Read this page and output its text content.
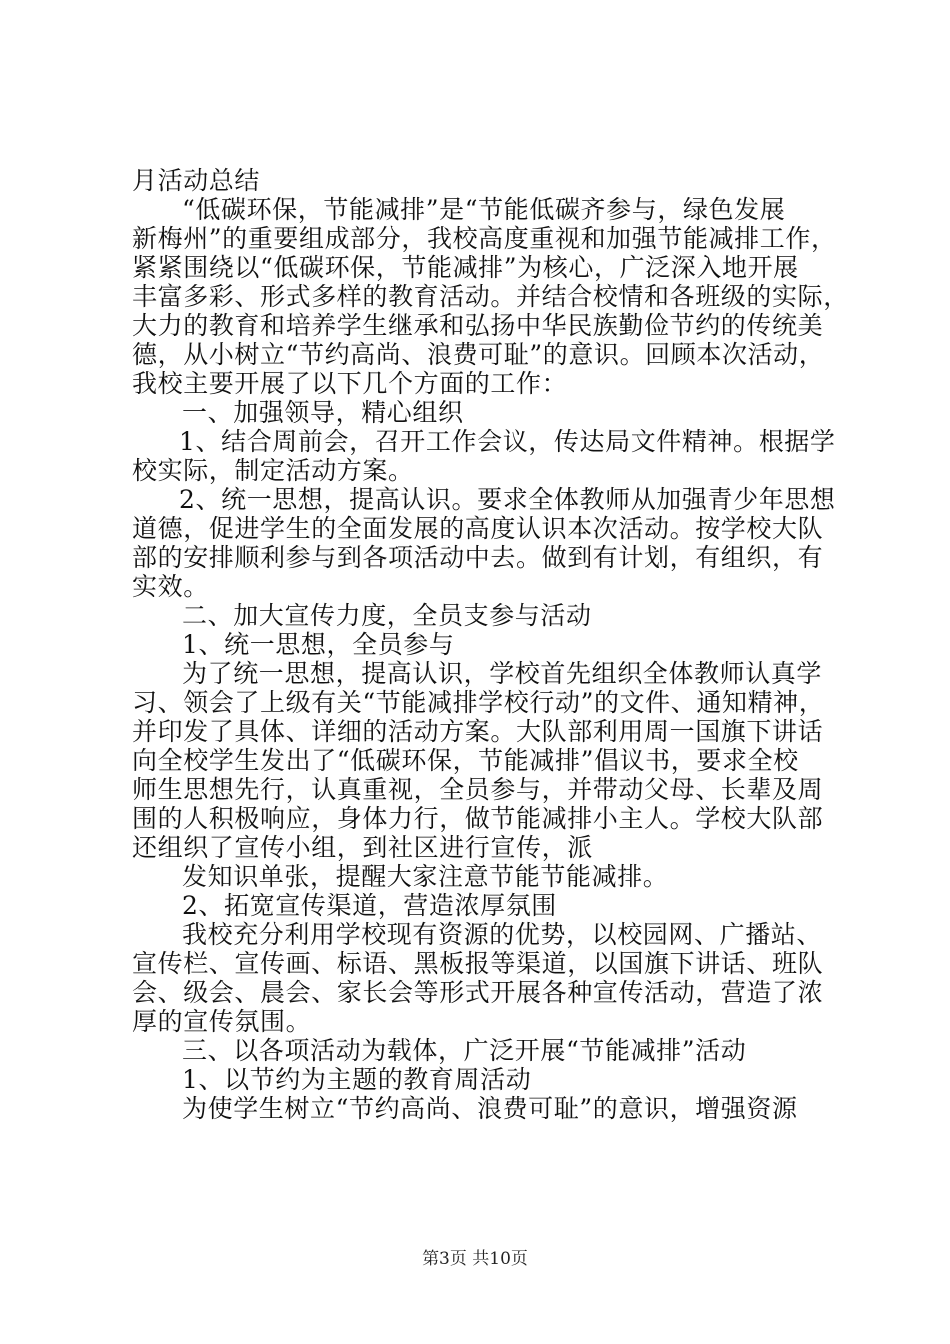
月活动总结
“低碳环保，节能减排”是“节能低碳齐参与，绿色发展
新梅州”的重要组成部分，我校高度重视和加强节能减排工作，
紧紧围绕以“低碳环保，节能减排”为核心，广泛深入地开展
丰富多彩、形式多样的教育活动。并结合校情和各班级的实际，
大力的教育和培养学生继承和弘扬中华民族勤俭节约的传统美
德，从小树立“节约高尚、浪费可耻”的意识。回顾本次活动，
我校主要开展了以下几个方面的工作：
一、加强领导，精心组织
1、结合周前会，召开工作会议，传达局文件精神。根据学
校实际，制定活动方案。
2、统一思想，提高认识。要求全体教师从加强青少年思想
道德，促进学生的全面发展的高度认识本次活动。按学校大队
部的安排顺利参与到各项活动中去。做到有计划，有组织，有
实效。
二、加大宣传力度，全员支参与活动
1、统一思想，全员参与
为了统一思想，提高认识，学校首先组织全体教师认真学
习、领会了上级有关“节能减排学校行动”的文件、通知精神，
并印发了具体、详细的活动方案。大队部利用周一国旗下讲话
向全校学生发出了“低碳环保，节能减排”倡议书，要求全校
师生思想先行，认真重视，全员参与，并带动父母、长辈及周
围的人积极响应，身体力行，做节能减排小主人。学校大队部
还组织了宣传小组，到社区进行宣传，派
发知识单张，提醒大家注意节能节能减排。
2、拓宽宣传渠道，营造浓厚氛围
我校充分利用学校现有资源的优势，以校园网、广播站、
宣传栏、宣传画、标语、黑板报等渠道，以国旗下讲话、班队
会、级会、晨会、家长会等形式开展各种宣传活动，营造了浓
厚的宣传氛围。
三、以各项活动为载体，广泛开展“节能减排”活动
1、以节约为主题的教育周活动
为使学生树立“节约高尚、浪费可耻”的意识，增强资源
第3页 共10页
